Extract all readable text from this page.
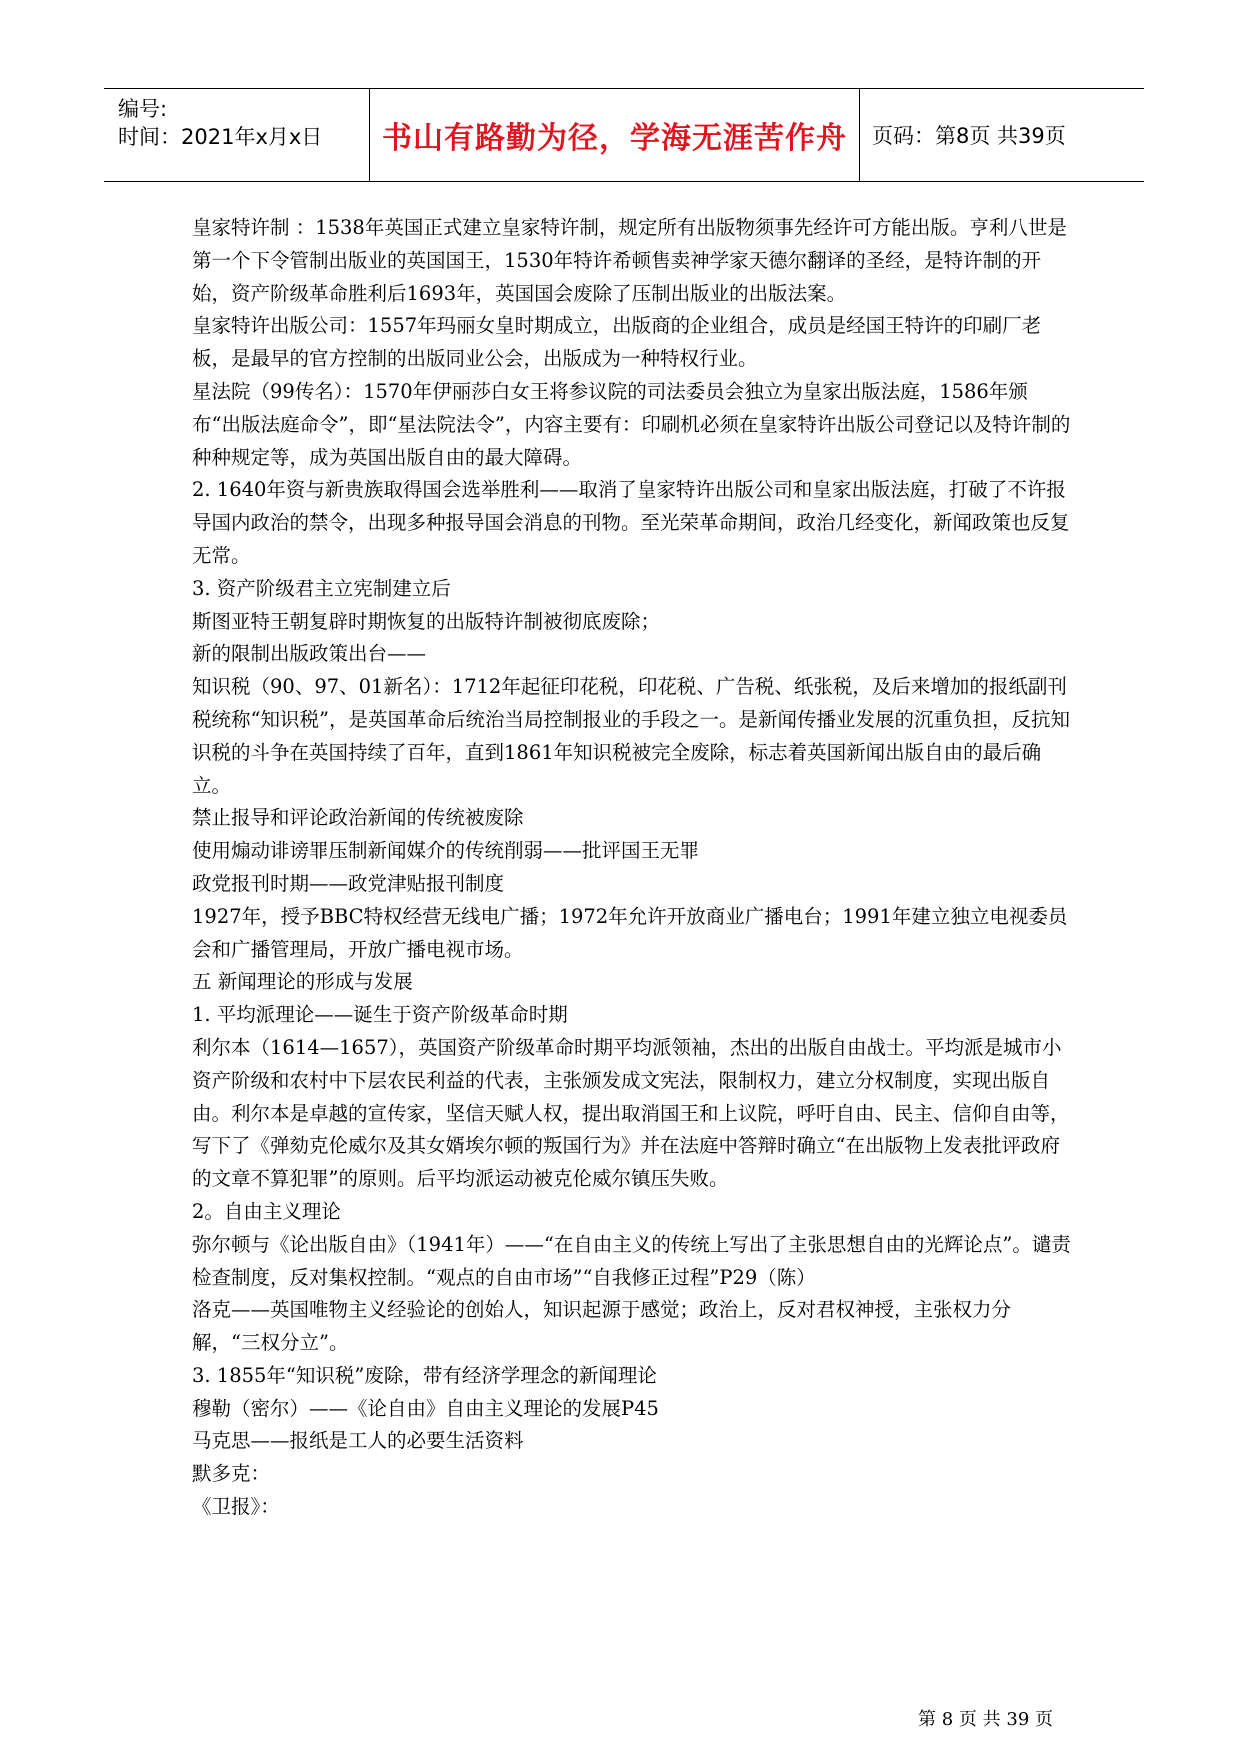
编号:
时间：2021年x月x日	书山有路勤为径，学海无涯苦作舟	页码：第8页 共39页

皇家特许制 ：1538年英国正式建立皇家特许制，规定所有出版物须事先经许可方能出版。亨利八世是第一个下令管制出版业的英国国王，1530年特许希顿售卖神学家天德尔翻译的圣经，是特许制的开始，资产阶级革命胜利后1693年，英国国会废除了压制出版业的出版法案。

皇家特许出版公司：1557年玛丽女皇时期成立，出版商的企业组合，成员是经国王特许的印刷厂老板，是最早的官方控制的出版同业公会，出版成为一种特权行业。

星法院（99传名）：1570年伊丽莎白女王将参议院的司法委员会独立为皇家出版法庭，1586年颁布“出版法庭命令”，即“星法院法令”，内容主要有：印刷机必须在皇家特许出版公司登记以及特许制的种种规定等，成为英国出版自由的最大障碍。

2. 1640年资与新贵族取得国会选举胜利——取消了皇家特许出版公司和皇家出版法庭，打破了不许报导国内政治的禁令，出现多种报导国会消息的刊物。至光荣革命期间，政治几经变化，新闻政策也反复无常。

3. 资产阶级君主立宪制建立后

斯图亚特王朝复辟时期恢复的出版特许制被彻底废除；

新的限制出版政策出台——

知识税（90、97、01新名）：1712年起征印花税，印花税、广告税、纸张税，及后来增加的报纸副刊税统称“知识税”，是英国革命后统治当局控制报业的手段之一。是新闻传播业发展的沉重负担，反抗知识税的斗争在英国持续了百年，直到1861年知识税被完全废除，标志着英国新闻出版自由的最后确立。

禁止报导和评论政治新闻的传统被废除

使用煽动诽谤罪压制新闻媒介的传统削弱——批评国王无罪

政党报刊时期——政党津贴报刊制度

1927年，授予BBC特权经营无线电广播；1972年允许开放商业广播电台；1991年建立独立电视委员会和广播管理局，开放广播电视市场。

五 新闻理论的形成与发展

1. 平均派理论——诞生于资产阶级革命时期

利尔本（1614—1657），英国资产阶级革命时期平均派领袖，杰出的出版自由战士。平均派是城市小资产阶级和农村中下层农民利益的代表，主张颁发成文宪法，限制权力，建立分权制度，实现出版自由。利尔本是卓越的宣传家，坚信天赋人权，提出取消国王和上议院，呼吁自由、民主、信仰自由等，写下了《弹劾克伦威尔及其女婿埃尔顿的叛国行为》并在法庭中答辩时确立“在出版物上发表批评政府的文章不算犯罪”的原则。后平均派运动被克伦威尔镇压失败。

2。自由主义理论

弥尔顿与《论出版自由》（1941年）——“在自由主义的传统上写出了主张思想自由的光辉论点”。谴责检查制度，反对集权控制。“观点的自由市场”“自我修正过程”P29（陈）

洛克——英国唯物主义经验论的创始人，知识起源于感觉；政治上，反对君权神授，主张权力分解，“三权分立”。

3. 1855年“知识税”废除，带有经济学理念的新闻理论

穆勒（密尔）——《论自由》自由主义理论的发展P45

马克思——报纸是工人的必要生活资料

默多克：

《卫报》：

第 8 页 共 39 页
